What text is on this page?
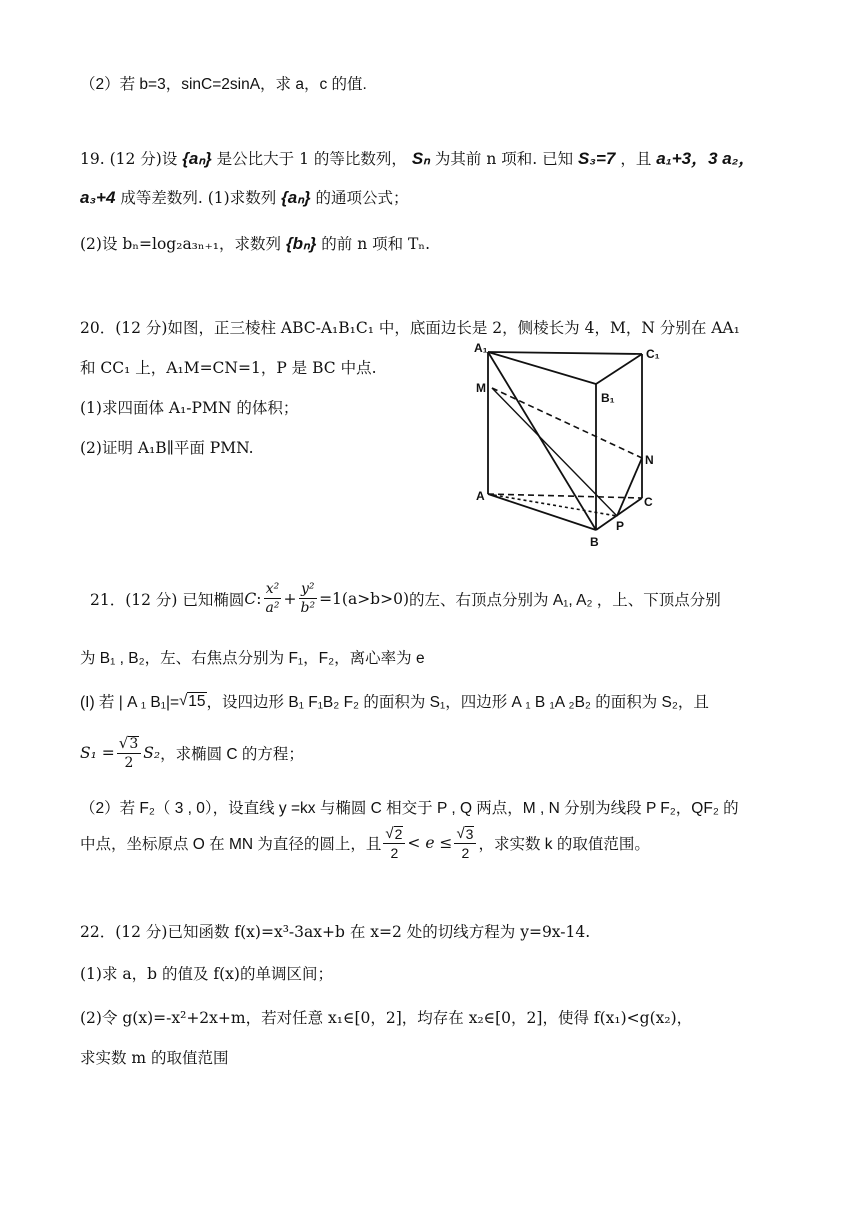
（2）若 b=3，sinC=2sinA，求 a，c 的值.
19. (12 分)设 {aₙ} 是公比大于 1 的等比数列， Sₙ 为其前 n 项和. 已知 S₃=7 ，且 a₁+3，3 a₂，
a₃+4 成等差数列. (1)求数列 {aₙ} 的通项公式；
(2)设 bₙ=log₂a₃ₙ₊₁，求数列 {bₙ} 的前 n 项和 Tₙ.
20．(12 分)如图，正三棱柱 ABC-A₁B₁C₁ 中，底面边长是 2，侧棱长为 4，M，N 分别在 AA₁
和 CC₁ 上，A₁M=CN=1，P 是 BC 中点.
(1)求四面体 A₁-PMN 的体积；
(2)证明 A₁B∥平面 PMN.
A₁	C₁
B₁
M
N
A	C
P
B
21．(12 分) 已知椭圆 C : $\frac{\text{x²}}{\text{a²}} + \frac{\text{y²}}{\text{b²}} =1(a>b>0)$ 的左、右顶点分别为 A₁, A₂ ，上、下顶点分别
为 B₁ , B₂，左、右焦点分别为 F₁，F₂，离心率为 e
(I) 若 | A ₁ B₁|= √ 15 ，设四边形 B₁ F₁B₂ F₂ 的面积为 S₁，四边形 A ₁ B ₁A ₂B₂ 的面积为 S₂，且
$S_1 = \frac{√ 3}{2} S_2$ ，求椭圆 C 的方程；
（2）若 F₂（ 3 , 0），设直线 y =kx 与椭圆 C 相交于 P , Q 两点，M , N 分别为线段 P F₂，QF₂ 的
中点，坐标原点 O 在 MN 为直径的圆上，且 $\frac{√ 2}{2} < e \le \frac{√ 3}{2}$ ，求实数 k 的取值范围。
22．(12 分)已知函数 f(x)=x³-3ax+b 在 x=2 处的切线方程为 y=9x-14.
(1)求 a，b 的值及 f(x)的单调区间；
(2)令 g(x)=-x²+2x+m，若对任意 x₁∈[0，2]，均存在 x₂∈[0，2]，使得 f(x₁)<g(x₂)，
求实数 m 的取值范围
